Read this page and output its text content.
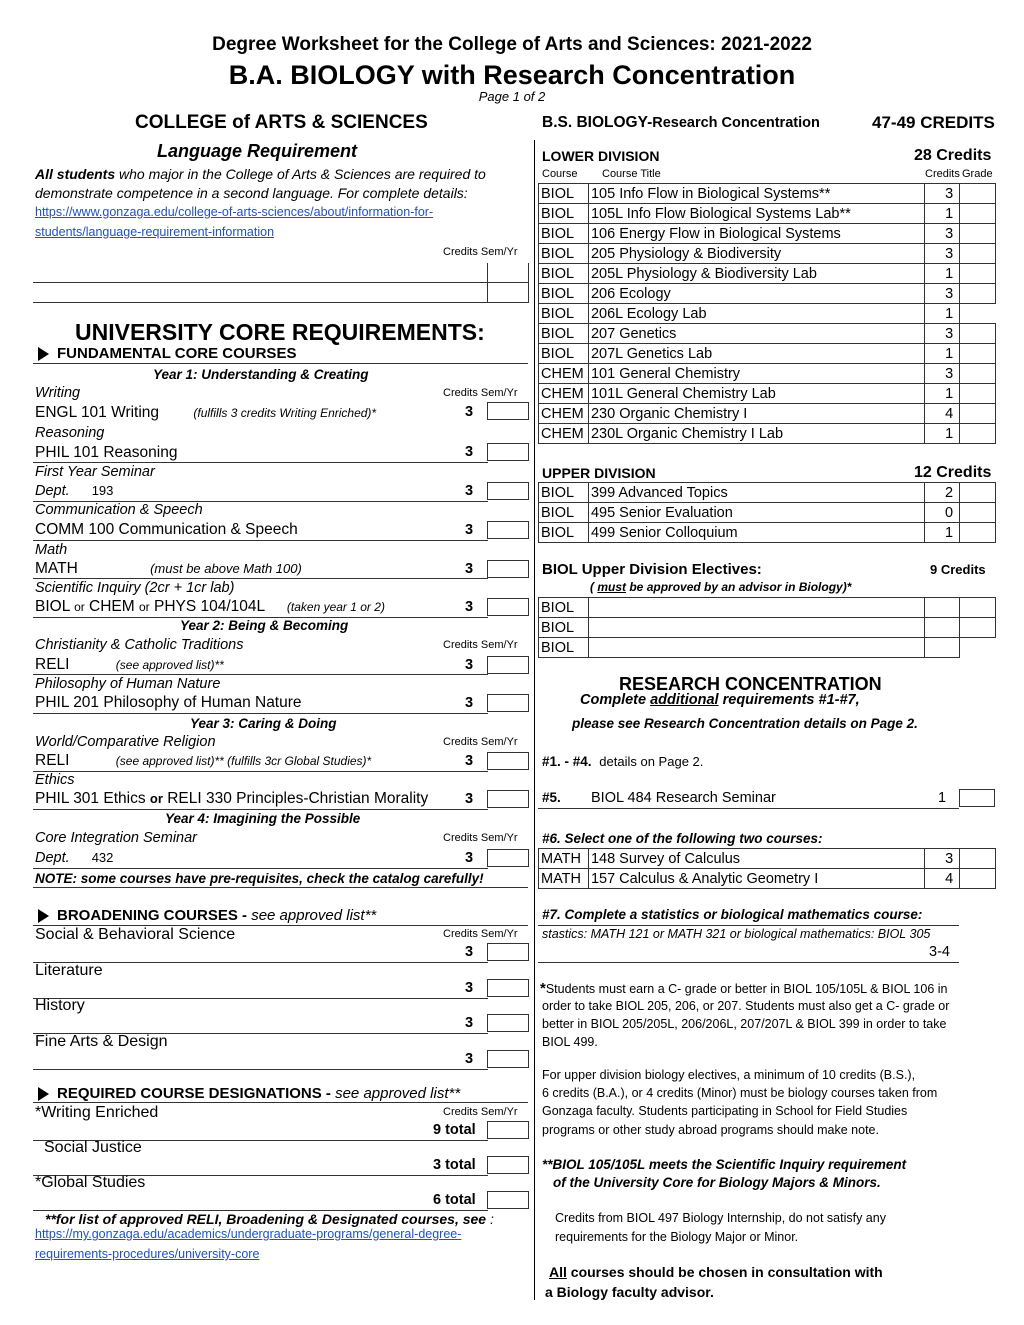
Degree Worksheet for the College of Arts and Sciences: 2021-2022
B.A. BIOLOGY with Research Concentration
Page 1 of 2
COLLEGE of ARTS & SCIENCES
Language Requirement
All students who major in the College of Arts & Sciences are required to
demonstrate competence in a second language. For complete details:
https://www.gonzaga.edu/college-of-arts-sciences/about/information-for-
students/language-requirement-information
Credits Sem/Yr
UNIVERSITY CORE REQUIREMENTS:
FUNDAMENTAL CORE COURSES
Year 1: Understanding & Creating
Writing	Credits Sem/Yr
ENGL 101 Writing	(fulfills 3 credits Writing Enriched)*	3
Reasoning
PHIL 101 Reasoning	3
First Year Seminar
Dept. 193	3
Communication & Speech
COMM 100 Communication & Speech	3
Math
MATH	(must be above Math 100)	3
Scientific Inquiry (2cr + 1cr lab)
BIOL or CHEM or PHYS 104/104L (taken year 1 or 2)	3
Year 2: Being & Becoming
Christianity & Catholic Traditions	Credits Sem/Yr
RELI	(see approved list)**	3
Philosophy of Human Nature
PHIL 201 Philosophy of Human Nature	3
Year 3: Caring & Doing
World/Comparative Religion	Credits Sem/Yr
RELI	(see approved list)** (fulfills 3cr Global Studies)*	3
Ethics
PHIL 301 Ethics or RELI 330 Principles-Christian Morality	3
Year 4: Imagining the Possible
Core Integration Seminar	Credits Sem/Yr
Dept. 432	3
NOTE: some courses have pre-requisites, check the catalog carefully!
BROADENING COURSES - see approved list**
Social & Behavioral Science	Credits Sem/Yr
3
Literature
3
History
3
Fine Arts & Design
3
REQUIRED COURSE DESIGNATIONS - see approved list**
*Writing Enriched	Credits Sem/Yr
9 total
Social Justice
3 total
*Global Studies
6 total
**for list of approved RELI, Broadening & Designated courses, see :
https://my.gonzaga.edu/academics/undergraduate-programs/general-degree-
requirements-procedures/university-core
B.S. BIOLOGY-Research Concentration	47-49 CREDITS
LOWER DIVISION	28 Credits
Course Course Title	Credits Grade
BIOL	105 Info Flow in Biological Systems**	3	
BIOL	105L Info Flow Biological Systems Lab**	1	
BIOL	106 Energy Flow in Biological Systems	3	
BIOL	205 Physiology & Biodiversity	3	
BIOL	205L Physiology & Biodiversity Lab	1	
BIOL	206 Ecology	3	
BIOL	206L Ecology Lab	1	
BIOL	207 Genetics	3	
BIOL	207L Genetics Lab	1	
CHEM	101 General Chemistry	3	
CHEM	101L General Chemistry Lab	1	
CHEM	230 Organic Chemistry I	4	
CHEM	230L Organic Chemistry I Lab	1	
UPPER DIVISION	12 Credits
BIOL	399 Advanced Topics	2	
BIOL	495 Senior Evaluation	0	
BIOL	499 Senior Colloquium	1	
BIOL Upper Division Electives:	9 Credits
( must be approved by an advisor in Biology)*
BIOL			
BIOL			
BIOL			
RESEARCH CONCENTRATION
Complete additional requirements #1-#7,
please see Research Concentration details on Page 2.
#1. - #4. details on Page 2.
#5. BIOL 484 Research Seminar	1
#6. Select one of the following two courses:
MATH	148 Survey of Calculus	3	
MATH	157 Calculus & Analytic Geometry I	4	
#7. Complete a statistics or biological mathematics course:
stastics: MATH 121 or MATH 321 or biological mathematics: BIOL 305
3-4
*Students must earn a C- grade or better in BIOL 105/105L & BIOL 106 in
order to take BIOL 205, 206, or 207. Students must also get a C- grade or
better in BIOL 205/205L, 206/206L, 207/207L & BIOL 399 in order to take
BIOL 499.
For upper division biology electives, a minimum of 10 credits (B.S.),
6 credits (B.A.), or 4 credits (Minor) must be biology courses taken from
Gonzaga faculty. Students participating in School for Field Studies
programs or other study abroad programs should make note.
**BIOL 105/105L meets the Scientific Inquiry requirement
of the University Core for Biology Majors & Minors.
Credits from BIOL 497 Biology Internship, do not satisfy any
requirements for the Biology Major or Minor.
All courses should be chosen in consultation with
a Biology faculty advisor.
